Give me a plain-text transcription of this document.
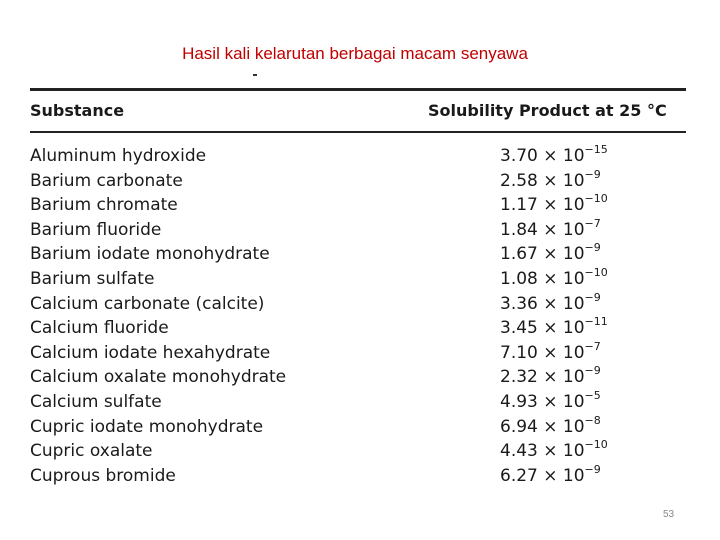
Hasil kali kelarutan berbagai macam senyawa
Substance	Solubility Product at 25 °C
Aluminum hydroxide	$3.70 \times 10^{-15}$
Barium carbonate	$2.58 \times 10^{-9}$
Barium chromate	$1.17 \times 10^{-10}$
Barium fluoride	$1.84 \times 10^{-7}$
Barium iodate monohydrate	$1.67 \times 10^{-9}$
Barium sulfate	$1.08 \times 10^{-10}$
Calcium carbonate (calcite)	$3.36 \times 10^{-9}$
Calcium fluoride	$3.45 \times 10^{-11}$
Calcium iodate hexahydrate	$7.10 \times 10^{-7}$
Calcium oxalate monohydrate	$2.32 \times 10^{-9}$
Calcium sulfate	$4.93 \times 10^{-5}$
Cupric iodate monohydrate	$6.94 \times 10^{-8}$
Cupric oxalate	$4.43 \times 10^{-10}$
Cuprous bromide	$6.27 \times 10^{-9}$
53
